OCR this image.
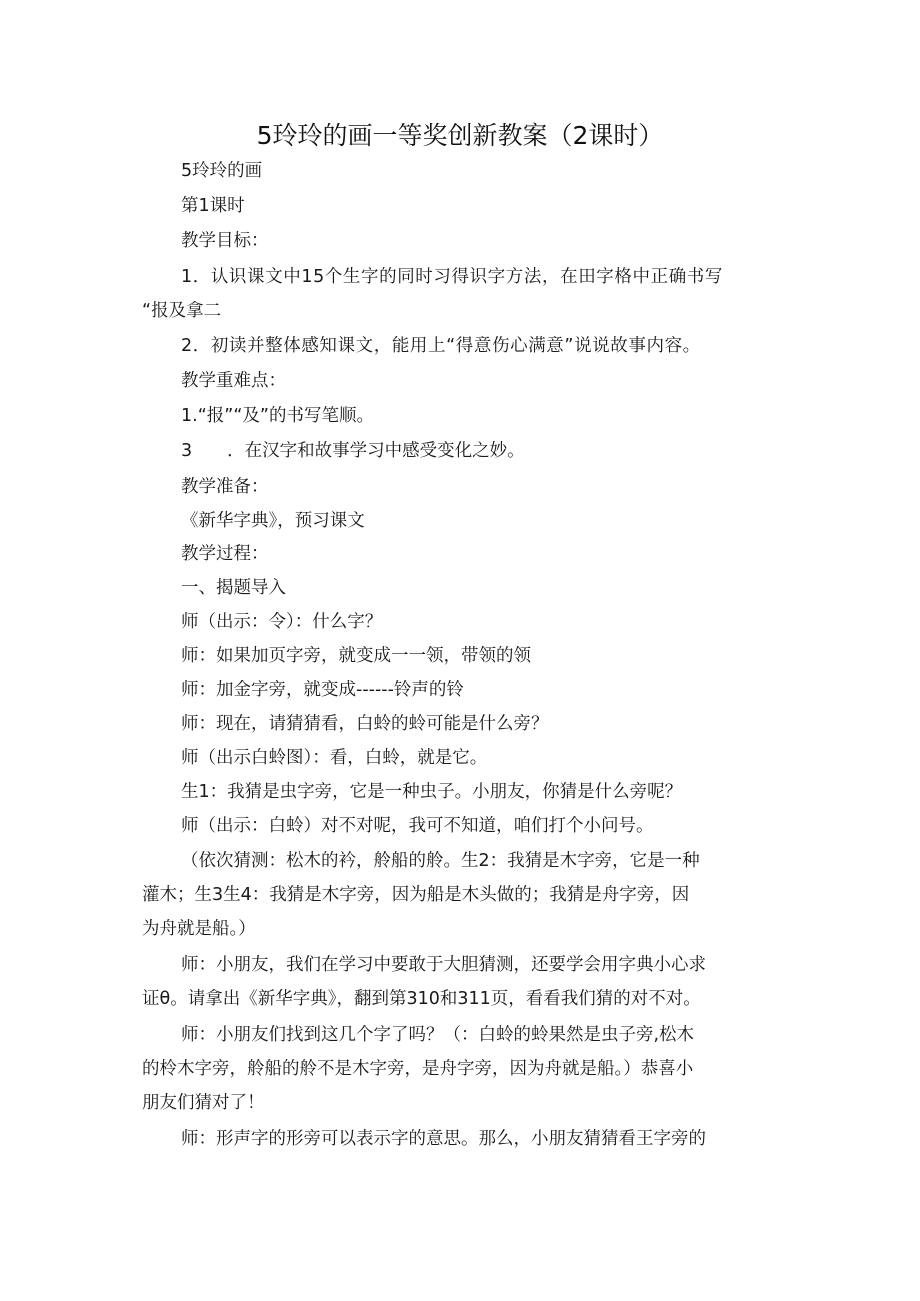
5玲玲的画一等奖创新教案（2课时）
5玲玲的画
第1课时
教学目标：
1．认识课文中15个生字的同时习得识字方法，在田字格中正确书写
“报及拿二
2．初读并整体感知课文，能用上“得意伤心满意”说说故事内容。
教学重难点：
1.“报”“及”的书写笔顺。
3　　．在汉字和故事学习中感受变化之妙。
教学准备：
《新华字典》，预习课文
教学过程：
一、揭题导入
师（出示：令）：什么字？
师：如果加页字旁，就变成一一领，带领的领
师：加金字旁，就变成------铃声的铃
师：现在，请猜猜看，白蛉的蛉可能是什么旁？
师（出示白蛉图）：看，白蛉，就是它。
生1：我猜是虫字旁，它是一种虫子。小朋友，你猜是什么旁呢？
师（出示：白蛉）对不对呢，我可不知道，咱们打个小问号。
（依次猜测：松木的衿，舲船的舲。生2：我猜是木字旁，它是一种
灌木；生3生4：我猜是木字旁，因为船是木头做的；我猜是舟字旁，因
为舟就是船。）
师：小朋友，我们在学习中要敢于大胆猜测，还要学会用字典小心求
证θ。请拿出《新华字典》，翻到第310和311页，看看我们猜的对不对。
师：小朋友们找到这几个字了吗？（：白蛉的蛉果然是虫子旁,松木
的柃木字旁，舲船的舲不是木字旁，是舟字旁，因为舟就是船。）恭喜小
朋友们猜对了！
师：形声字的形旁可以表示字的意思。那么，小朋友猜猜看王字旁的
